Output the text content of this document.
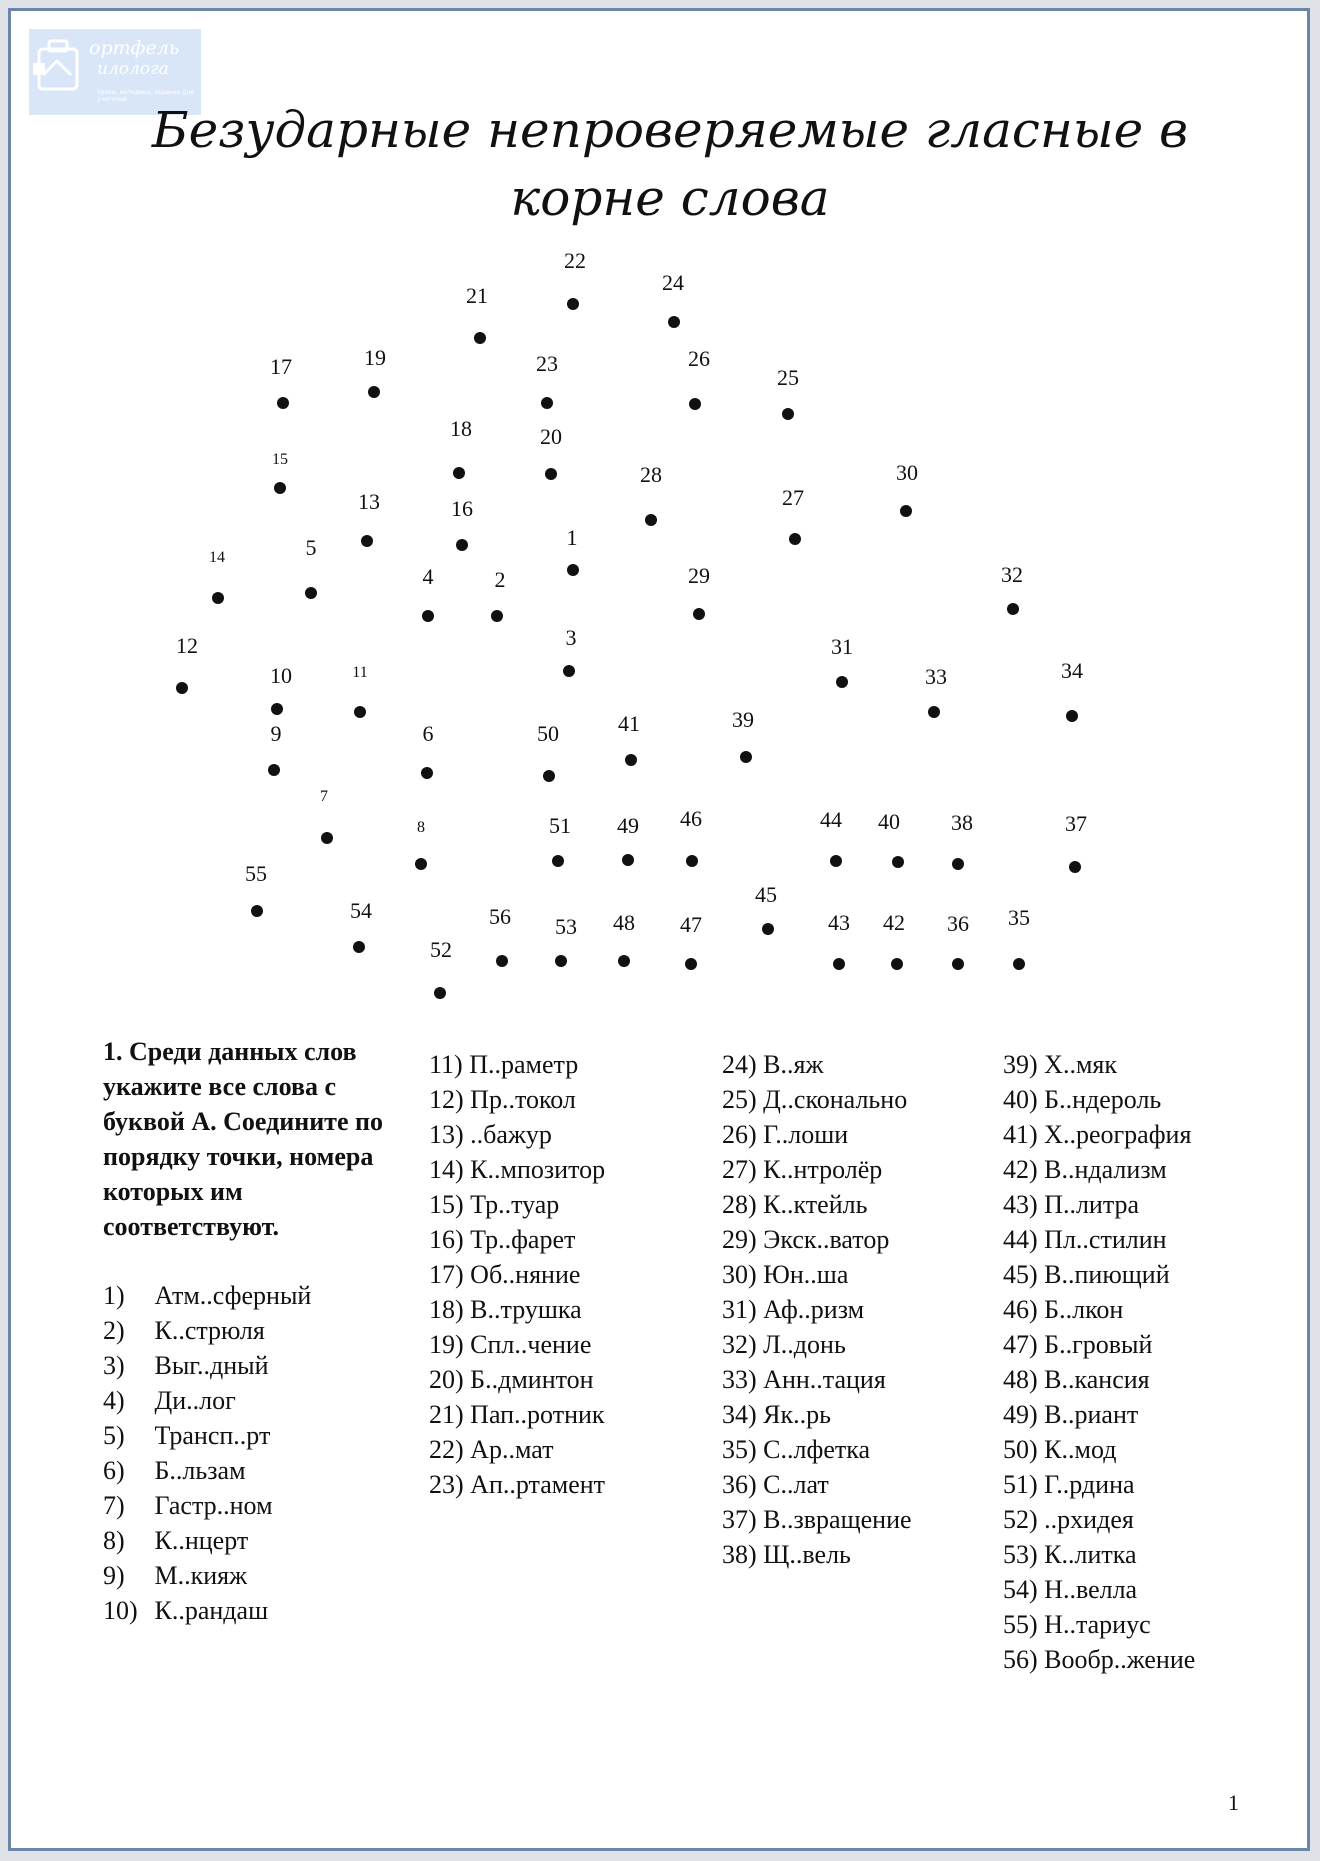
ортфель
илолога
Уроки, методики, задания для учителей
Безударные непроверяемые гласные в корне слова
1
2
3
4
5
6
7
8
9
10	11
12
13
14
15
16
17
18
19
20
21
22
23
24
25
26
27
28
29
30
31
32
33	34
35
36
37
38
39
40
41
42
43
44
45
46
47
48
49
50
51
52
53
54
55
56
1. Среди данных слов укажите все слова с буквой А. Соедините по порядку точки, номера которых им соответствуют.
1) Атм..сферный
2) К..стрюля
3) Выг..дный
4) Ди..лог
5) Трансп..рт
6) Б..льзам
7) Гастр..ном
8) К..нцерт
9) М..кияж
10) К..рандаш
11) П..раметр
12) Пр..токол
13) ..бажур
14) К..мпозитор
15) Тр..туар
16) Тр..фарет
17) Об..няние
18) В..трушка
19) Спл..чение
20) Б..дминтон
21) Пап..ротник
22) Ар..мат
23) Ап..ртамент
24) В..яж
25) Д..сконально
26) Г..лоши
27) К..нтролёр
28) К..ктейль
29) Экск..ватор
30) Юн..ша
31) Аф..ризм
32) Л..донь
33) Анн..тация
34) Як..рь
35) С..лфетка
36) С..лат
37) В..звращение
38) Щ..вель
39) Х..мяк
40) Б..ндероль
41) Х..реография
42) В..ндализм
43) П..литра
44) Пл..стилин
45) В..пиющий
46) Б..лкон
47) Б..гровый
48) В..кансия
49) В..риант
50) К..мод
51) Г..рдина
52) ..рхидея
53) К..литка
54) Н..велла
55) Н..тариус
56) Вообр..жение
1
